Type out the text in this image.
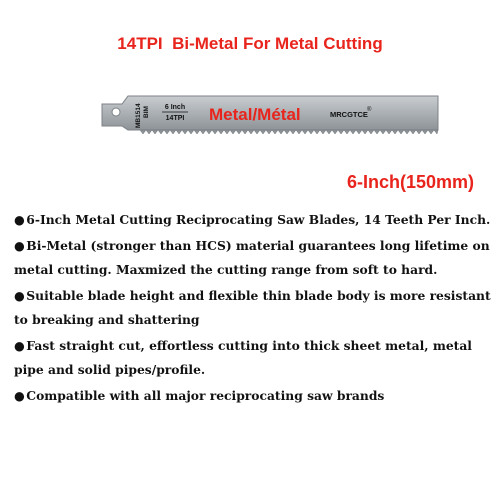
14TPI  Bi-Metal For Metal Cutting
MB1514 BIM 6 Inch
14TPI Metal/Métal	MRCGTCE ®
6-Inch(150mm)
● 6-Inch Metal Cutting Reciprocating Saw Blades, 14 Teeth Per Inch.
● Bi-Metal (stronger than HCS) material guarantees long lifetime on metal cutting. Maxmized the cutting range from soft to hard.
● Suitable blade height and flexible thin blade body is more resistant to breaking and shattering
● Fast straight cut, effortless cutting into thick sheet metal, metal pipe and solid pipes/profile.
● Compatible with all major reciprocating saw brands
